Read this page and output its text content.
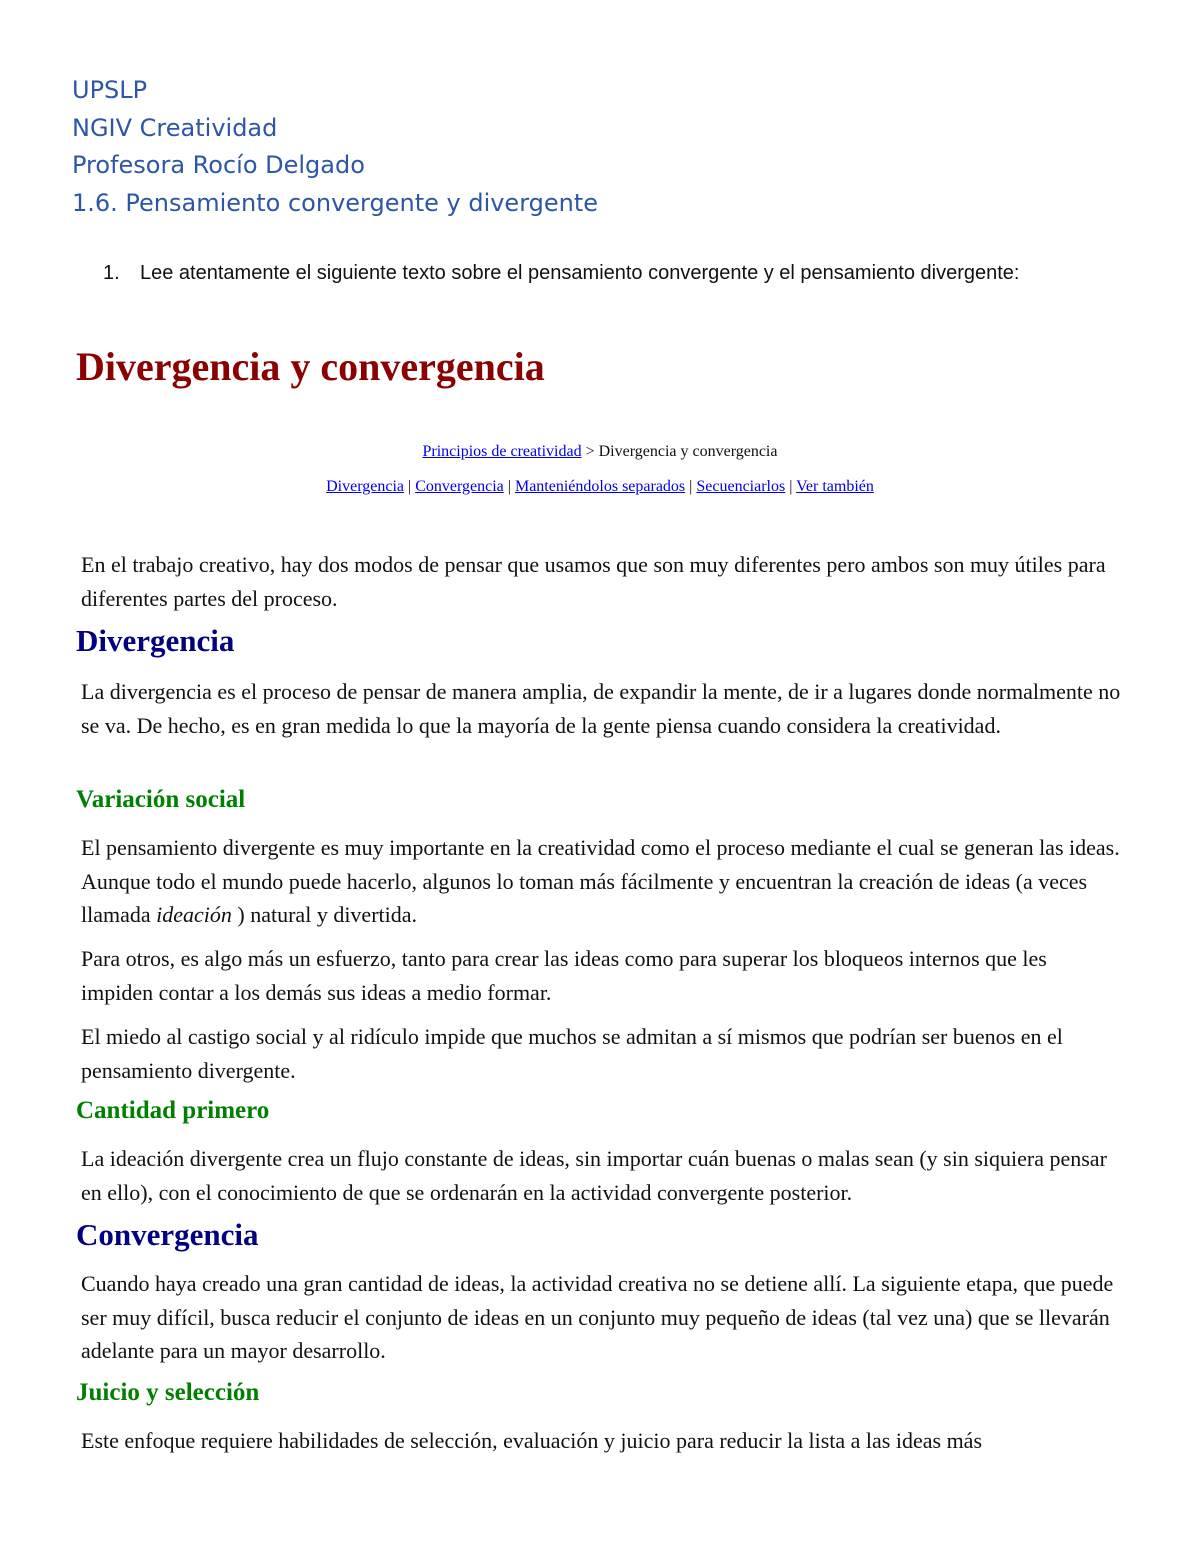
UPSLP
NGIV Creatividad
Profesora Rocío Delgado
1.6. Pensamiento convergente y divergente
1. Lee atentamente el siguiente texto sobre el pensamiento convergente y el pensamiento divergente:
Divergencia y convergencia
Principios de creatividad > Divergencia y convergencia
Divergencia | Convergencia | Manteniéndolos separados | Secuenciarlos | Ver también

En el trabajo creativo, hay dos modos de pensar que usamos que son muy diferentes pero ambos son muy útiles para diferentes partes del proceso.

Divergencia

La divergencia es el proceso de pensar de manera amplia, de expandir la mente, de ir a lugares donde normalmente no se va. De hecho, es en gran medida lo que la mayoría de la gente piensa cuando considera la creatividad.

Variación social

El pensamiento divergente es muy importante en la creatividad como el proceso mediante el cual se generan las ideas. Aunque todo el mundo puede hacerlo, algunos lo toman más fácilmente y encuentran la creación de ideas (a veces llamada ideación ) natural y divertida.

Para otros, es algo más un esfuerzo, tanto para crear las ideas como para superar los bloqueos internos que les impiden contar a los demás sus ideas a medio formar.

El miedo al castigo social y al ridículo impide que muchos se admitan a sí mismos que podrían ser buenos en el pensamiento divergente.

Cantidad primero

La ideación divergente crea un flujo constante de ideas, sin importar cuán buenas o malas sean (y sin siquiera pensar en ello), con el conocimiento de que se ordenarán en la actividad convergente posterior.

Convergencia

Cuando haya creado una gran cantidad de ideas, la actividad creativa no se detiene allí. La siguiente etapa, que puede ser muy difícil, busca reducir el conjunto de ideas en un conjunto muy pequeño de ideas (tal vez una) que se llevarán adelante para un mayor desarrollo.

Juicio y selección

Este enfoque requiere habilidades de selección, evaluación y juicio para reducir la lista a las ideas más
